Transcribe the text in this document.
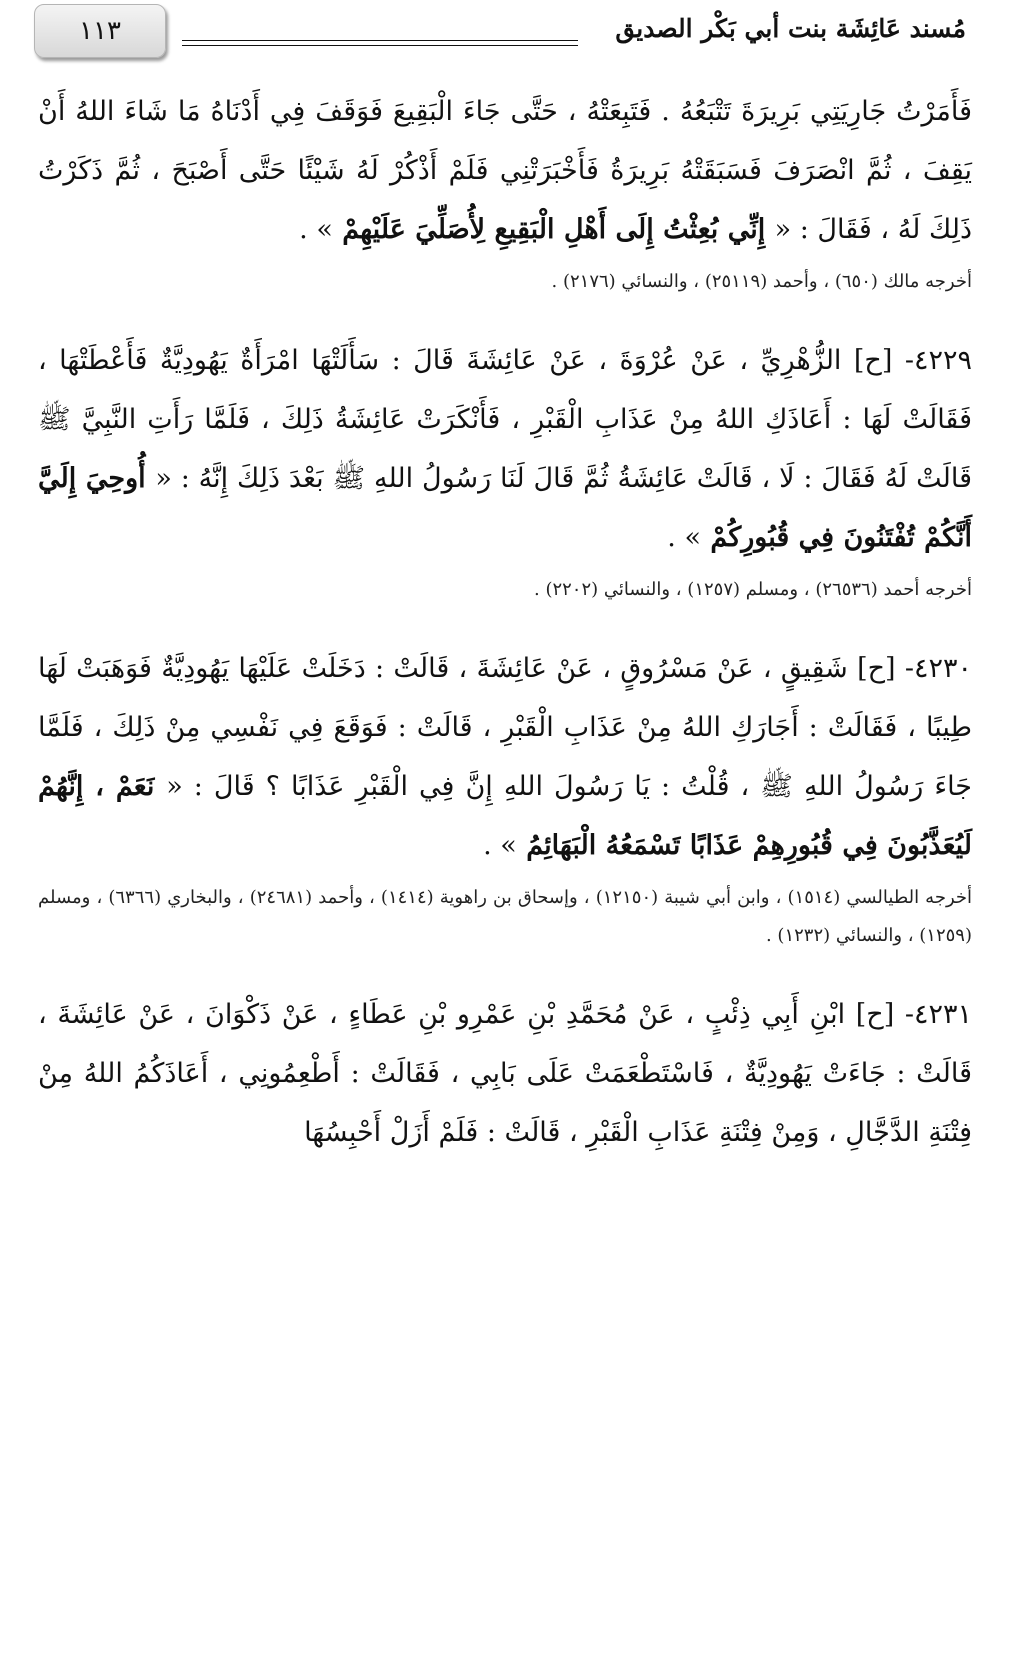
١١٣	مُسند عَائِشَة بنت أبي بَكْر الصديق

فَأَمَرْتُ جَارِيَتِي بَرِيرَةَ تَتْبَعُهُ . فَتَبِعَتْهُ ، حَتَّى جَاءَ الْبَقِيعَ فَوَقَفَ فِي أَدْنَاهُ مَا شَاءَ اللهُ أَنْ يَقِفَ ، ثُمَّ انْصَرَفَ فَسَبَقَتْهُ بَرِيرَةُ فَأَخْبَرَتْنِي فَلَمْ أَذْكُرْ لَهُ شَيْئًا حَتَّى أَصْبَحَ ، ثُمَّ ذَكَرْتُ ذَلِكَ لَهُ ، فَقَالَ : « إِنِّي بُعِثْتُ إِلَى أَهْلِ الْبَقِيعِ لِأُصَلِّيَ عَلَيْهِمْ » .

أخرجه مالك (٦٥٠) ، وأحمد (٢٥١١٩) ، والنسائي (٢١٧٦) .

٤٢٢٩- [ح] الزُّهْرِيِّ ، عَنْ عُرْوَةَ ، عَنْ عَائِشَةَ قَالَ : سَأَلَتْهَا امْرَأَةٌ يَهُودِيَّةٌ فَأَعْطَتْهَا ، فَقَالَتْ لَهَا : أَعَاذَكِ اللهُ مِنْ عَذَابِ الْقَبْرِ ، فَأَنْكَرَتْ عَائِشَةُ ذَلِكَ ، فَلَمَّا رَأَتِ النَّبِيَّ ﷺ قَالَتْ لَهُ فَقَالَ : لَا ، قَالَتْ عَائِشَةُ ثُمَّ قَالَ لَنَا رَسُولُ اللهِ ﷺ بَعْدَ ذَلِكَ إِنَّهُ : « أُوحِيَ إِلَيَّ أَنَّكُمْ تُفْتَنُونَ فِي قُبُورِكُمْ » .

أخرجه أحمد (٢٦٥٣٦) ، ومسلم (١٢٥٧) ، والنسائي (٢٢٠٢) .

٤٢٣٠- [ح] شَقِيقٍ ، عَنْ مَسْرُوقٍ ، عَنْ عَائِشَةَ ، قَالَتْ : دَخَلَتْ عَلَيْهَا يَهُودِيَّةٌ فَوَهَبَتْ لَهَا طِيبًا ، فَقَالَتْ : أَجَارَكِ اللهُ مِنْ عَذَابِ الْقَبْرِ ، قَالَتْ : فَوَقَعَ فِي نَفْسِي مِنْ ذَلِكَ ، فَلَمَّا جَاءَ رَسُولُ اللهِ ﷺ ، قُلْتُ : يَا رَسُولَ اللهِ إِنَّ فِي الْقَبْرِ عَذَابًا ؟ قَالَ : « نَعَمْ ، إِنَّهُمْ لَيُعَذَّبُونَ فِي قُبُورِهِمْ عَذَابًا تَسْمَعُهُ الْبَهَائِمُ » .

أخرجه الطيالسي (١٥١٤) ، وابن أبي شيبة (١٢١٥٠) ، وإسحاق بن راهوية (١٤١٤) ، وأحمد (٢٤٦٨١) ، والبخاري (٦٣٦٦) ، ومسلم (١٢٥٩) ، والنسائي (١٢٣٢) .

٤٢٣١- [ح] ابْنِ أَبِي ذِئْبٍ ، عَنْ مُحَمَّدِ بْنِ عَمْرِو بْنِ عَطَاءٍ ، عَنْ ذَكْوَانَ ، عَنْ عَائِشَةَ ، قَالَتْ : جَاءَتْ يَهُودِيَّةٌ ، فَاسْتَطْعَمَتْ عَلَى بَابِي ، فَقَالَتْ : أَطْعِمُونِي ، أَعَاذَكُمُ اللهُ مِنْ فِتْنَةِ الدَّجَّالِ ، وَمِنْ فِتْنَةِ عَذَابِ الْقَبْرِ ، قَالَتْ : فَلَمْ أَزَلْ أَحْبِسُهَا
